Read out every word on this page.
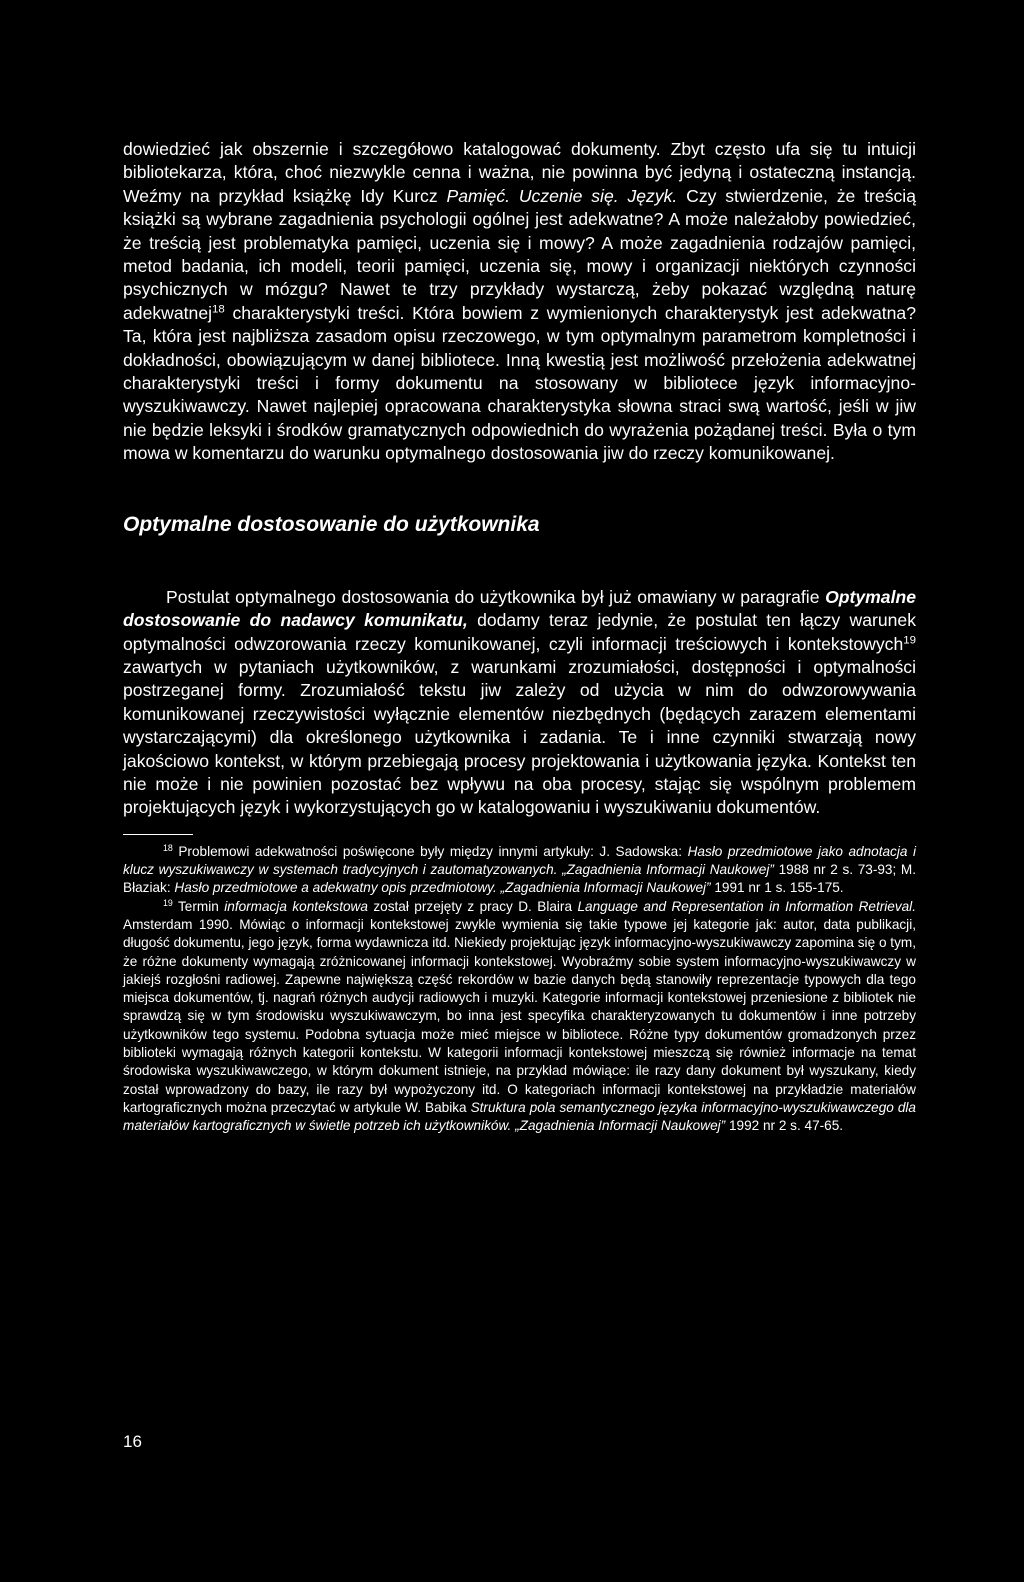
dowiedzieć jak obszernie i szczegółowo katalogować dokumenty. Zbyt często ufa się tu intuicji bibliotekarza, która, choć niezwykle cenna i ważna, nie powinna być jedyną i ostateczną instancją. Weźmy na przykład książkę Idy Kurcz Pamięć. Uczenie się. Język. Czy stwierdzenie, że treścią książki są wybrane zagadnienia psychologii ogólnej jest adekwatne? A może należałoby powiedzieć, że treścią jest problematyka pamięci, uczenia się i mowy? A może zagadnienia rodzajów pamięci, metod badania, ich modeli, teorii pamięci, uczenia się, mowy i organizacji niektórych czynności psychicznych w mózgu? Nawet te trzy przykłady wystarczą, żeby pokazać względną naturę adekwatnej$^{18}$ charakterystyki treści. Która bowiem z wymienionych charakterystyk jest adekwatna? Ta, która jest najbliższa zasadom opisu rzeczowego, w tym optymalnym parametrom kompletności i dokładności, obowiązującym w danej bibliotece. Inną kwestią jest możliwość przełożenia adekwatnej charakterystyki treści i formy dokumentu na stosowany w bibliotece język informacyjno-wyszukiwawczy. Nawet najlepiej opracowana charakterystyka słowna straci swą wartość, jeśli w jiw nie będzie leksyki i środków gramatycznych odpowiednich do wyrażenia pożądanej treści. Była o tym mowa w komentarzu do warunku optymalnego dostosowania jiw do rzeczy komunikowanej.

Optymalne dostosowanie do użytkownika

Postulat optymalnego dostosowania do użytkownika był już omawiany w paragrafie Optymalne dostosowanie do nadawcy komunikatu, dodamy teraz jedynie, że postulat ten łączy warunek optymalności odwzorowania rzeczy komunikowanej, czyli informacji treściowych i kontekstowych$^{19}$ zawartych w pytaniach użytkowników, z warunkami zrozumiałości, dostępności i optymalności postrzeganej formy. Zrozumiałość tekstu jiw zależy od użycia w nim do odwzorowywania komunikowanej rzeczywistości wyłącznie elementów niezbędnych (będących zarazem elementami wystarczającymi) dla określonego użytkownika i zadania. Te i inne czynniki stwarzają nowy jakościowo kontekst, w którym przebiegają procesy projektowania i użytkowania języka. Kontekst ten nie może i nie powinien pozostać bez wpływu na oba procesy, stając się wspólnym problemem projektujących język i wykorzystujących go w katalogowaniu i wyszukiwaniu dokumentów.

$^{18}$ Problemowi adekwatności poświęcone były między innymi artykuły: J. Sadowska: Hasło przedmiotowe jako adnotacja i klucz wyszukiwawczy w systemach tradycyjnych i zautomatyzowanych. „Zagadnienia Informacji Naukowej” 1988 nr 2 s. 73-93; M. Błaziak: Hasło przedmiotowe a adekwatny opis przedmiotowy. „Zagadnienia Informacji Naukowej” 1991 nr 1 s. 155-175.

$^{19}$ Termin informacja kontekstowa został przejęty z pracy D. Blaira Language and Representation in Information Retrieval. Amsterdam 1990. Mówiąc o informacji kontekstowej zwykle wymienia się takie typowe jej kategorie jak: autor, data publikacji, długość dokumentu, jego język, forma wydawnicza itd. Niekiedy projektując język informacyjno-wyszukiwawczy zapomina się o tym, że różne dokumenty wymagają zróżnicowanej informacji kontekstowej. Wyobraźmy sobie system informacyjno-wyszukiwawczy w jakiejś rozgłośni radiowej. Zapewne największą część rekordów w bazie danych będą stanowiły reprezentacje typowych dla tego miejsca dokumentów, tj. nagrań różnych audycji radiowych i muzyki. Kategorie informacji kontekstowej przeniesione z bibliotek nie sprawdzą się w tym środowisku wyszukiwawczym, bo inna jest specyfika charakteryzowanych tu dokumentów i inne potrzeby użytkowników tego systemu. Podobna sytuacja może mieć miejsce w bibliotece. Różne typy dokumentów gromadzonych przez biblioteki wymagają różnych kategorii kontekstu. W kategorii informacji kontekstowej mieszczą się również informacje na temat środowiska wyszukiwawczego, w którym dokument istnieje, na przykład mówiące: ile razy dany dokument był wyszukany, kiedy został wprowadzony do bazy, ile razy był wypożyczony itd. O kategoriach informacji kontekstowej na przykładzie materiałów kartograficznych można przeczytać w artykule W. Babika Struktura pola semantycznego języka informacyjno-wyszukiwawczego dla materiałów kartograficznych w świetle potrzeb ich użytkowników. „Zagadnienia Informacji Naukowej” 1992 nr 2 s. 47-65.

16
